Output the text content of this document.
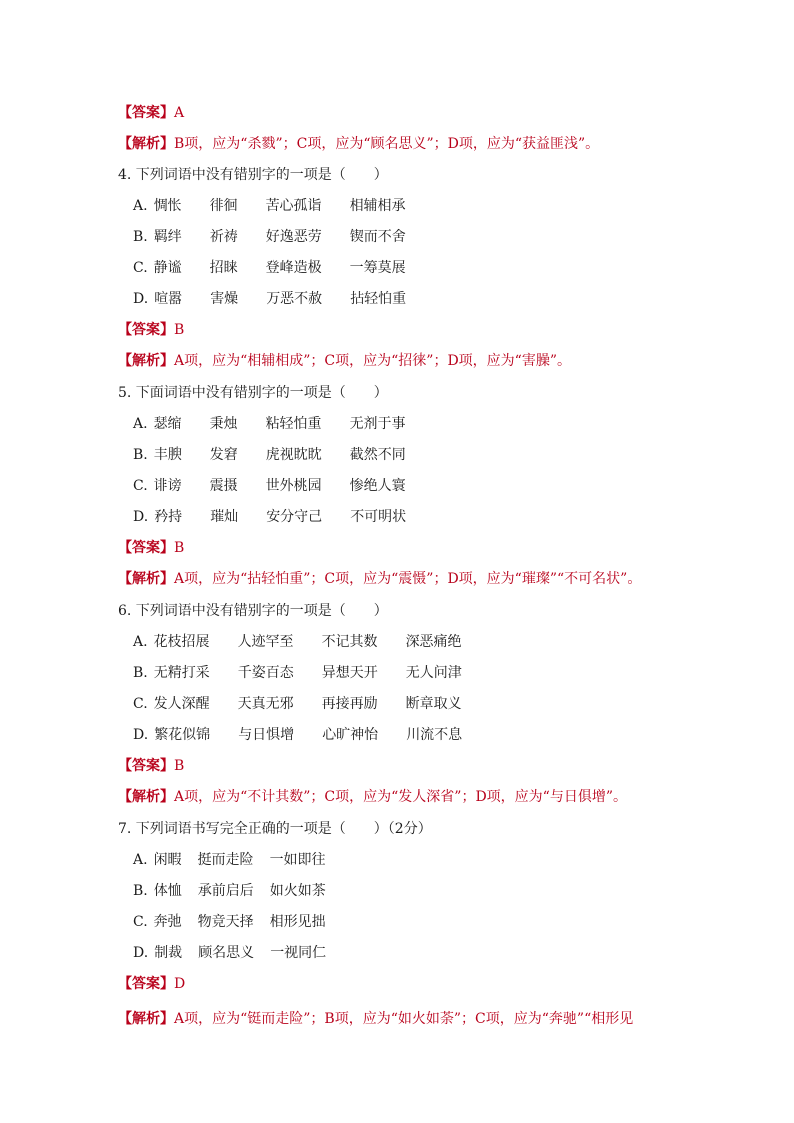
【答案】A
【解析】B项，应为“杀戮”；C项，应为“顾名思义”；D项，应为“获益匪浅”。
4. 下列词语中没有错别字的一项是（　　）
A. 惆怅 徘徊 苦心孤诣 相辅相承
B. 羁绊 祈祷 好逸恶劳 锲而不舍
C. 静谧 招睐 登峰造极 一筹莫展
D. 喧嚣 害燥 万恶不赦 拈轻怕重
【答案】B
【解析】A项，应为“相辅相成”；C项，应为“招徕”；D项，应为“害臊”。
5. 下面词语中没有错别字的一项是（　　）
A. 瑟缩 秉烛 粘轻怕重 无剂于事
B. 丰腴 发窘 虎视眈眈 截然不同
C. 诽谤 震摄 世外桃园 惨绝人寰
D. 矜持 璀灿 安分守己 不可明状
【答案】B
【解析】A项，应为“拈轻怕重”；C项，应为“震慑”；D项，应为“璀璨”“不可名状”。
6. 下列词语中没有错别字的一项是（　　）
A. 花枝招展 人迹罕至 不记其数 深恶痛绝
B. 无精打采 千姿百态 异想天开 无人问津
C. 发人深醒 天真无邪 再接再励 断章取义
D. 繁花似锦 与日惧增 心旷神怡 川流不息
【答案】B
【解析】A项，应为“不计其数”；C项，应为“发人深省”；D项，应为“与日俱增”。
7. 下列词语书写完全正确的一项是（　　）（2分）
A. 闲暇 挺而走险 一如即往
B. 体恤 承前启后 如火如茶
C. 奔弛 物竞天择 相形见拙
D. 制裁 顾名思义 一视同仁
【答案】D
【解析】A项，应为“铤而走险”；B项，应为“如火如荼”；C项，应为“奔驰”“相形见
